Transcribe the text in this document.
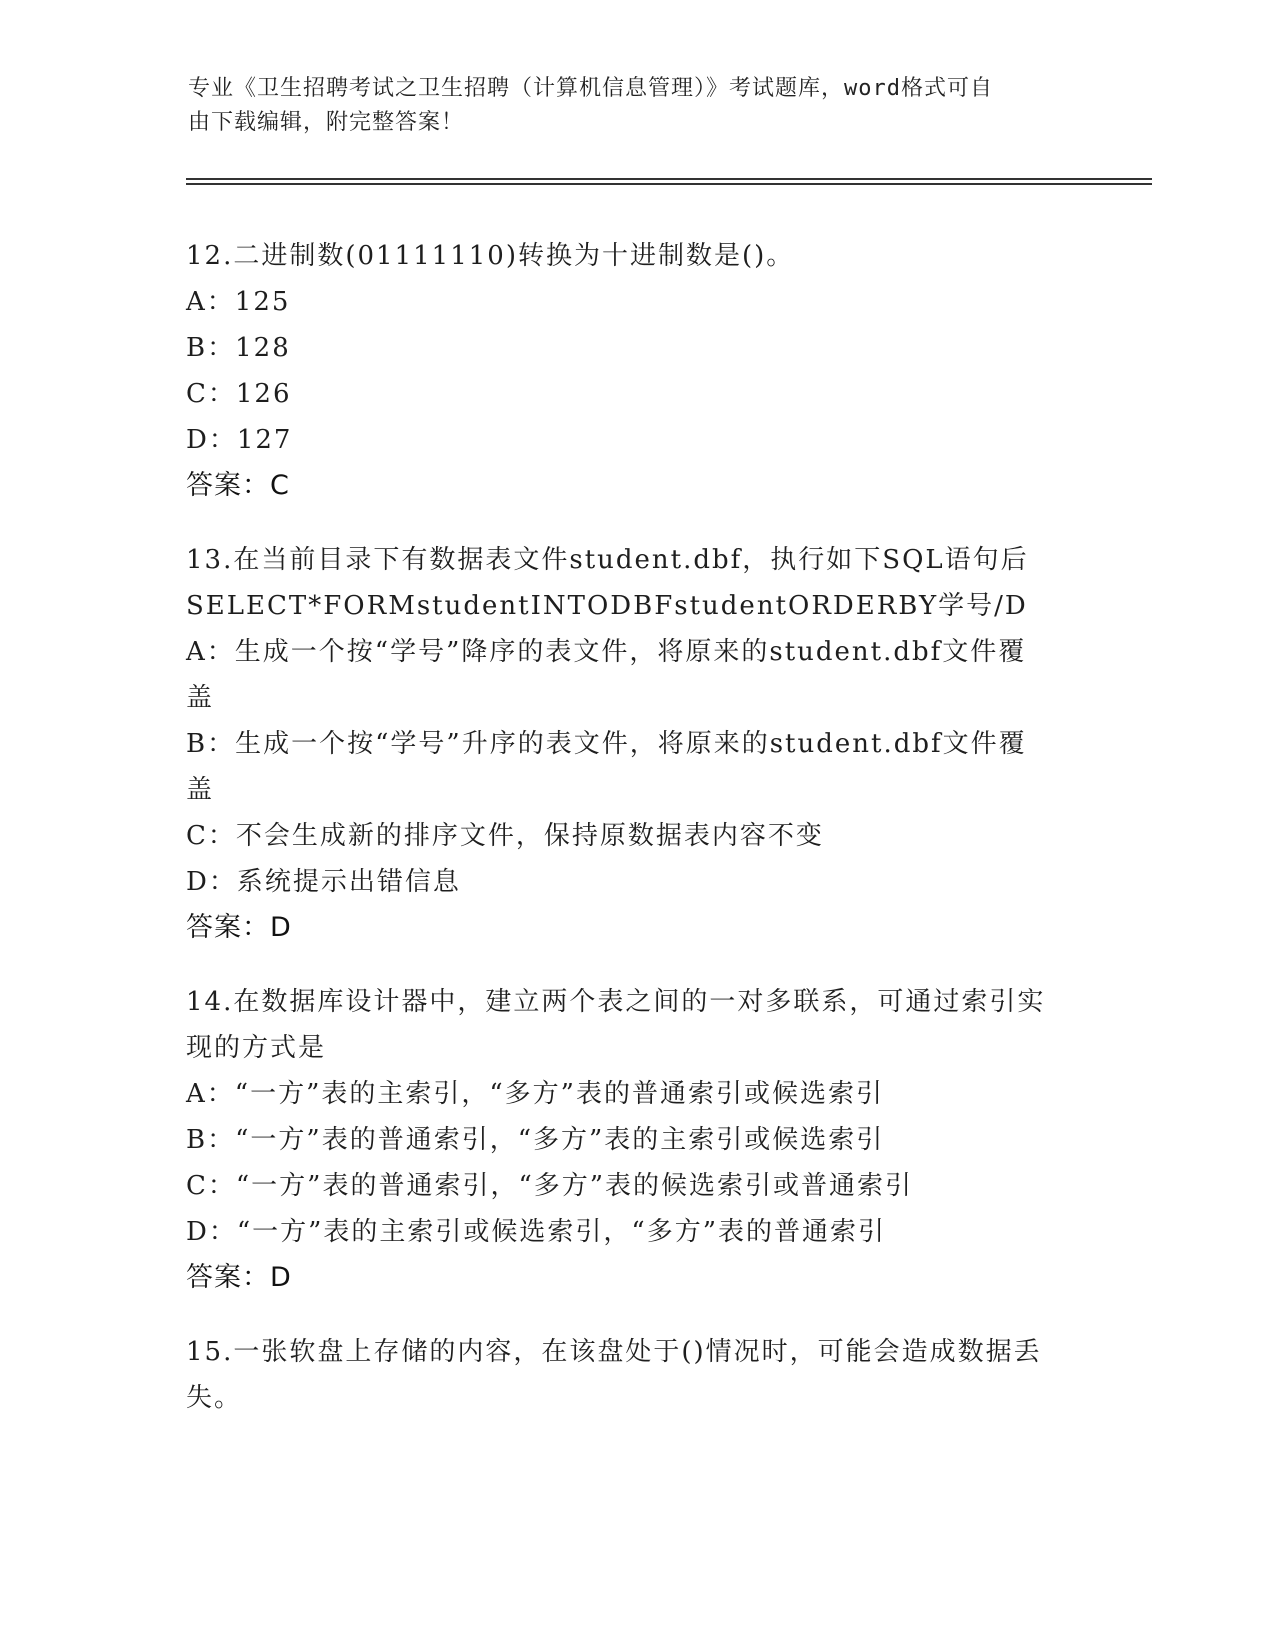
专业《卫生招聘考试之卫生招聘（计算机信息管理）》考试题库，word格式可自
由下载编辑，附完整答案！
12.二进制数(01111110)转换为十进制数是()。
A：125
B：128
C：126
D：127
答案：C
13.在当前目录下有数据表文件student.dbf，执行如下SQL语句后
SELECT*FORMstudentINTODBFstudentORDERBY学号/D
A：生成一个按“学号”降序的表文件，将原来的student.dbf文件覆
盖
B：生成一个按“学号”升序的表文件，将原来的student.dbf文件覆
盖
C：不会生成新的排序文件，保持原数据表内容不变
D：系统提示出错信息
答案：D
14.在数据库设计器中，建立两个表之间的一对多联系，可通过索引实
现的方式是
A：“一方”表的主索引，“多方”表的普通索引或候选索引
B：“一方”表的普通索引，“多方”表的主索引或候选索引
C：“一方”表的普通索引，“多方”表的候选索引或普通索引
D：“一方”表的主索引或候选索引，“多方”表的普通索引
答案：D
15.一张软盘上存储的内容，在该盘处于()情况时，可能会造成数据丢
失。
